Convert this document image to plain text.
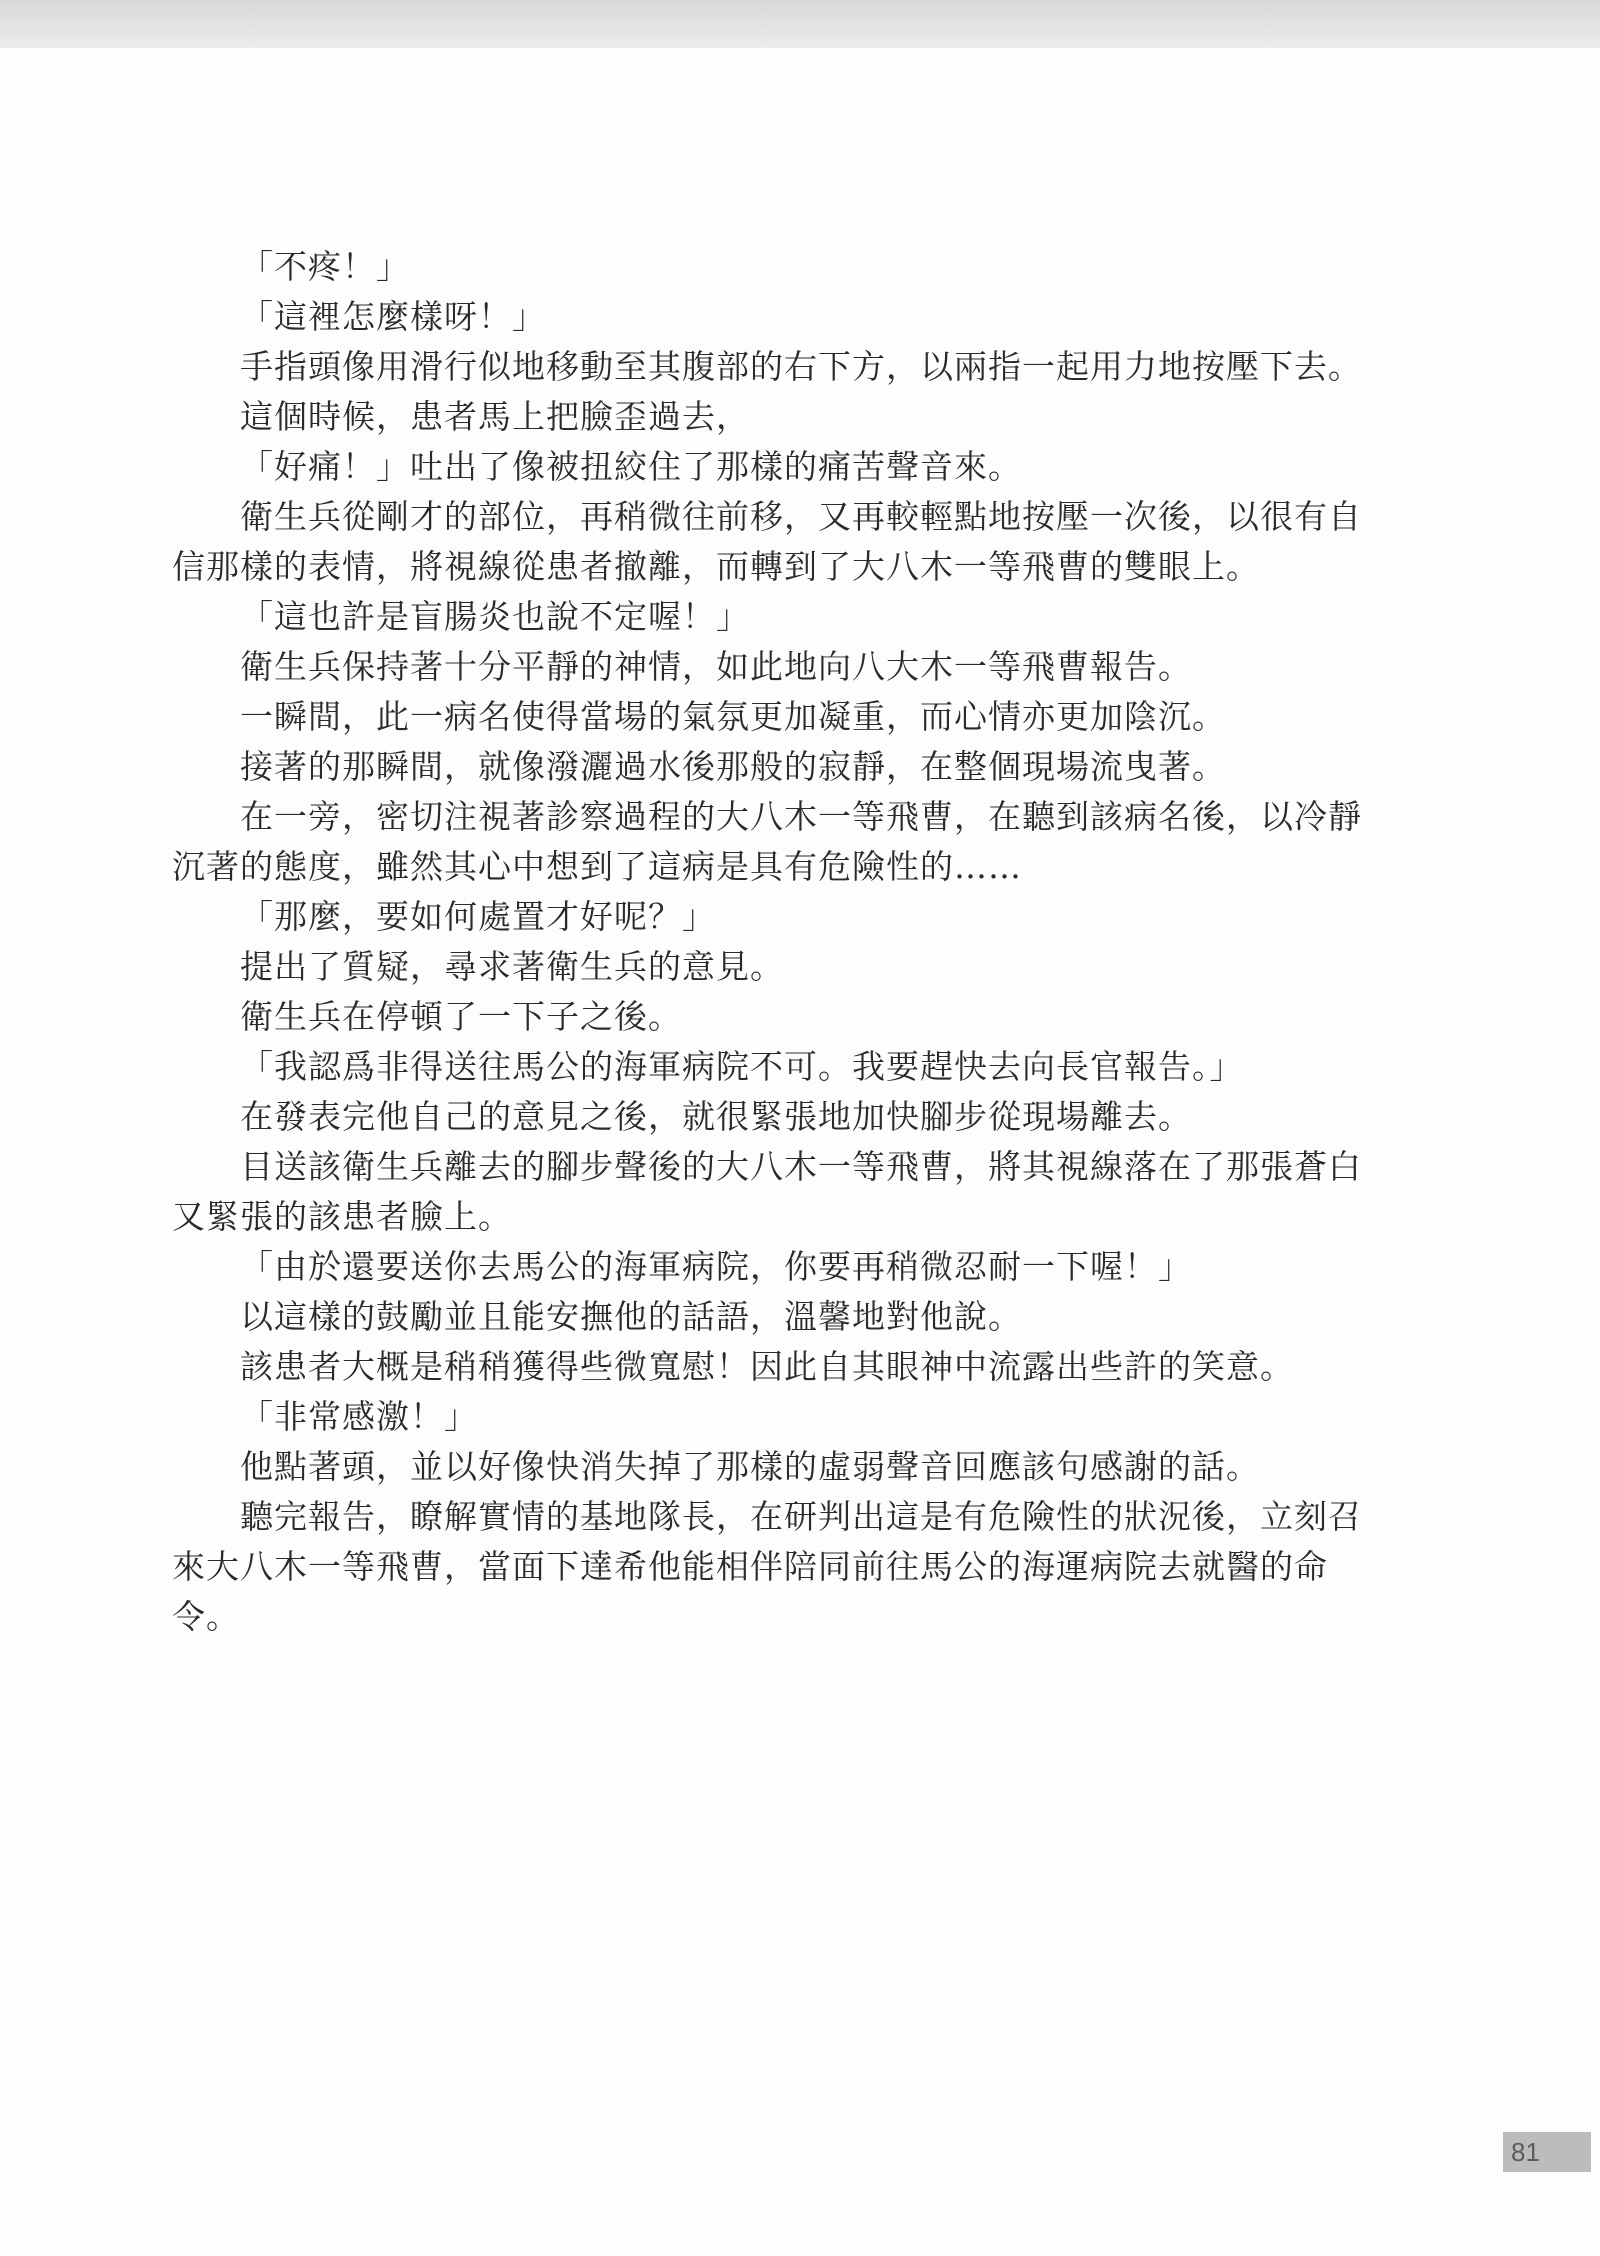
「不疼！」

「這裡怎麼樣呀！」

手指頭像用滑行似地移動至其腹部的右下方，以兩指一起用力地按壓下去。

這個時候，患者馬上把臉歪過去，

「好痛！」吐出了像被扭絞住了那樣的痛苦聲音來。

衛生兵從剛才的部位，再稍微往前移，又再較輕點地按壓一次後，以很有自信那樣的表情，將視線從患者撤離，而轉到了大八木一等飛曹的雙眼上。

「這也許是盲腸炎也說不定喔！」

衛生兵保持著十分平靜的神情，如此地向八大木一等飛曹報告。

一瞬間，此一病名使得當場的氣氛更加凝重，而心情亦更加陰沉。

接著的那瞬間，就像潑灑過水後那般的寂靜，在整個現場流曳著。

在一旁，密切注視著診察過程的大八木一等飛曹，在聽到該病名後，以冷靜沉著的態度，雖然其心中想到了這病是具有危險性的……

「那麼，要如何處置才好呢？」

提出了質疑，尋求著衛生兵的意見。

衛生兵在停頓了一下子之後。

「我認爲非得送往馬公的海軍病院不可。我要趕快去向長官報告。」

在發表完他自己的意見之後，就很緊張地加快腳步從現場離去。

目送該衛生兵離去的腳步聲後的大八木一等飛曹，將其視線落在了那張蒼白又緊張的該患者臉上。

「由於還要送你去馬公的海軍病院，你要再稍微忍耐一下喔！」

以這樣的鼓勵並且能安撫他的話語，溫馨地對他說。

該患者大概是稍稍獲得些微寬慰！因此自其眼神中流露出些許的笑意。

「非常感激！」

他點著頭，並以好像快消失掉了那樣的虛弱聲音回應該句感謝的話。

聽完報告，瞭解實情的基地隊長，在研判出這是有危險性的狀況後，立刻召來大八木一等飛曹，當面下達希他能相伴陪同前往馬公的海運病院去就醫的命令。

81
